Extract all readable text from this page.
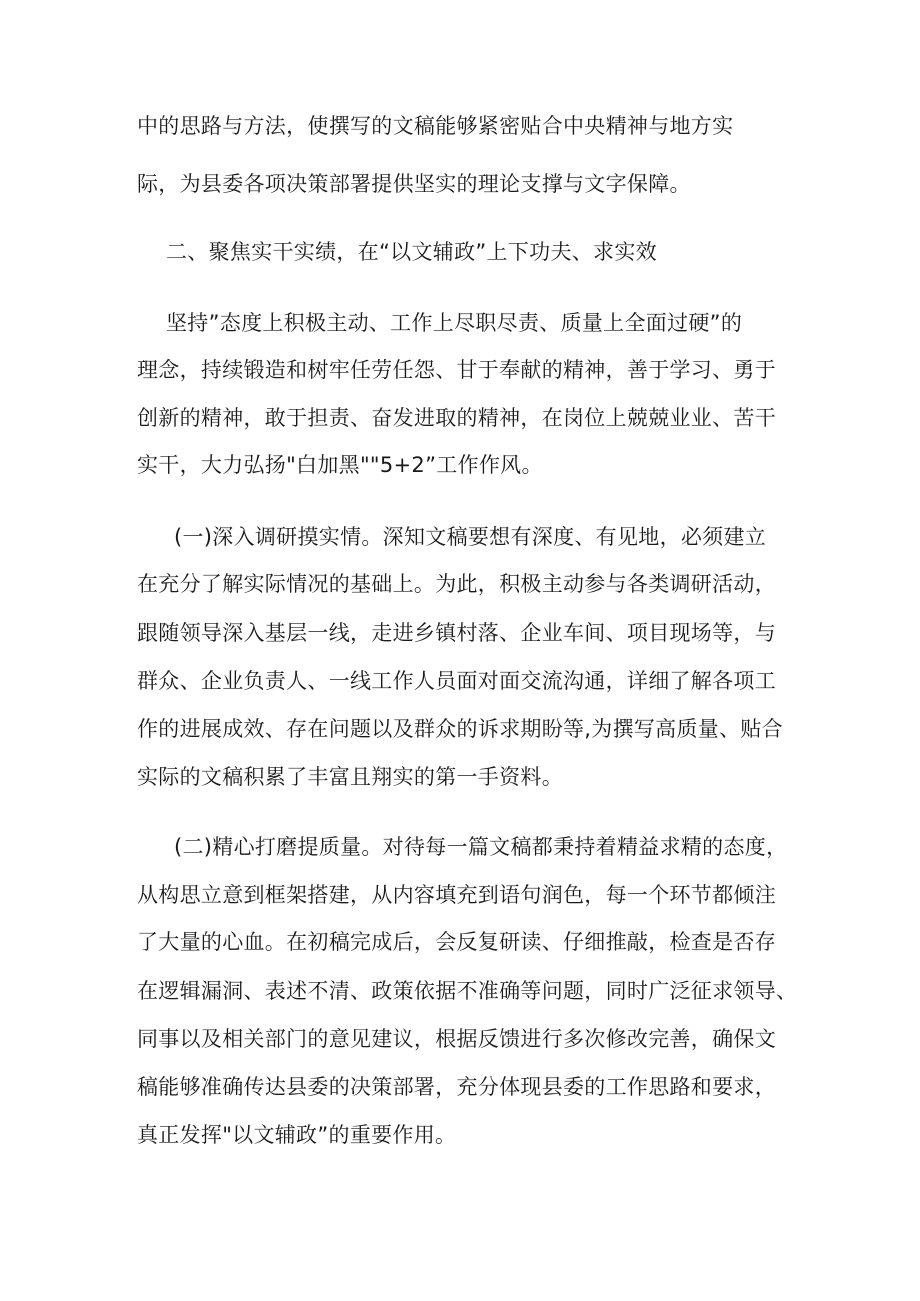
中的思路与方法，使撰写的文稿能够紧密贴合中央精神与地方实
际，为县委各项决策部署提供坚实的理论支撑与文字保障。
二、聚焦实干实绩，在“以文辅政”上下功夫、求实效
坚持”态度上积极主动、工作上尽职尽责、质量上全面过硬”的
理念，持续锻造和树牢任劳任怨、甘于奉献的精神，善于学习、勇于
创新的精神，敢于担责、奋发进取的精神，在岗位上兢兢业业、苦干
实干，大力弘扬"白加黑""5+2”工作作风。
(一)深入调研摸实情。深知文稿要想有深度、有见地，必须建立
在充分了解实际情况的基础上。为此，积极主动参与各类调研活动，
跟随领导深入基层一线，走进乡镇村落、企业车间、项目现场等，与
群众、企业负责人、一线工作人员面对面交流沟通，详细了解各项工
作的进展成效、存在问题以及群众的诉求期盼等,为撰写高质量、贴合
实际的文稿积累了丰富且翔实的第一手资料。
(二)精心打磨提质量。对待每一篇文稿都秉持着精益求精的态度，
从构思立意到框架搭建，从内容填充到语句润色，每一个环节都倾注
了大量的心血。在初稿完成后，会反复研读、仔细推敲，检查是否存
在逻辑漏洞、表述不清、政策依据不准确等问题，同时广泛征求领导、
同事以及相关部门的意见建议，根据反馈进行多次修改完善，确保文
稿能够准确传达县委的决策部署，充分体现县委的工作思路和要求，
真正发挥"以文辅政”的重要作用。
